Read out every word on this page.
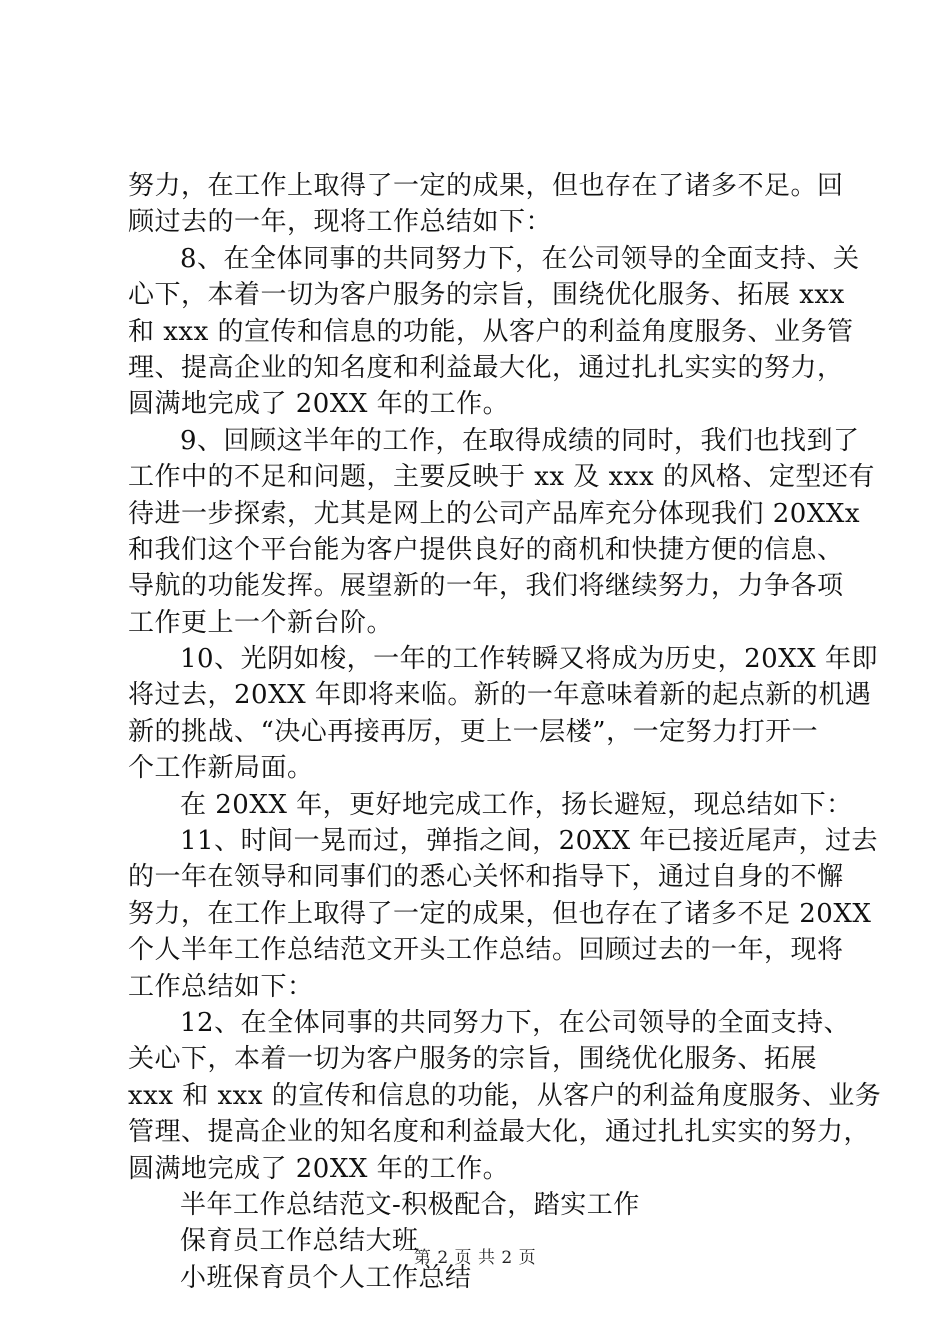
努力，在工作上取得了一定的成果，但也存在了诸多不足。回
顾过去的一年，现将工作总结如下：
8、在全体同事的共同努力下，在公司领导的全面支持、关
心下，本着一切为客户服务的宗旨，围绕优化服务、拓展 xxx
和 xxx 的宣传和信息的功能，从客户的利益角度服务、业务管
理、提高企业的知名度和利益最大化，通过扎扎实实的努力，
圆满地完成了 20XX 年的工作。
9、回顾这半年的工作，在取得成绩的同时，我们也找到了
工作中的不足和问题，主要反映于 xx 及 xxx 的风格、定型还有
待进一步探索，尤其是网上的公司产品库充分体现我们 20XXx
和我们这个平台能为客户提供良好的商机和快捷方便的信息、
导航的功能发挥。展望新的一年，我们将继续努力，力争各项
工作更上一个新台阶。
10、光阴如梭，一年的工作转瞬又将成为历史，20XX 年即
将过去，20XX 年即将来临。新的一年意味着新的起点新的机遇
新的挑战、“决心再接再厉，更上一层楼”，一定努力打开一
个工作新局面。
在 20XX 年，更好地完成工作，扬长避短，现总结如下：
11、时间一晃而过，弹指之间，20XX 年已接近尾声，过去
的一年在领导和同事们的悉心关怀和指导下，通过自身的不懈
努力，在工作上取得了一定的成果，但也存在了诸多不足 20XX
个人半年工作总结范文开头工作总结。回顾过去的一年，现将
工作总结如下：
12、在全体同事的共同努力下，在公司领导的全面支持、
关心下，本着一切为客户服务的宗旨，围绕优化服务、拓展
xxx 和 xxx 的宣传和信息的功能，从客户的利益角度服务、业务
管理、提高企业的知名度和利益最大化，通过扎扎实实的努力，
圆满地完成了 20XX 年的工作。
半年工作总结范文-积极配合，踏实工作
保育员工作总结大班
小班保育员个人工作总结
第 2 页 共 2 页
